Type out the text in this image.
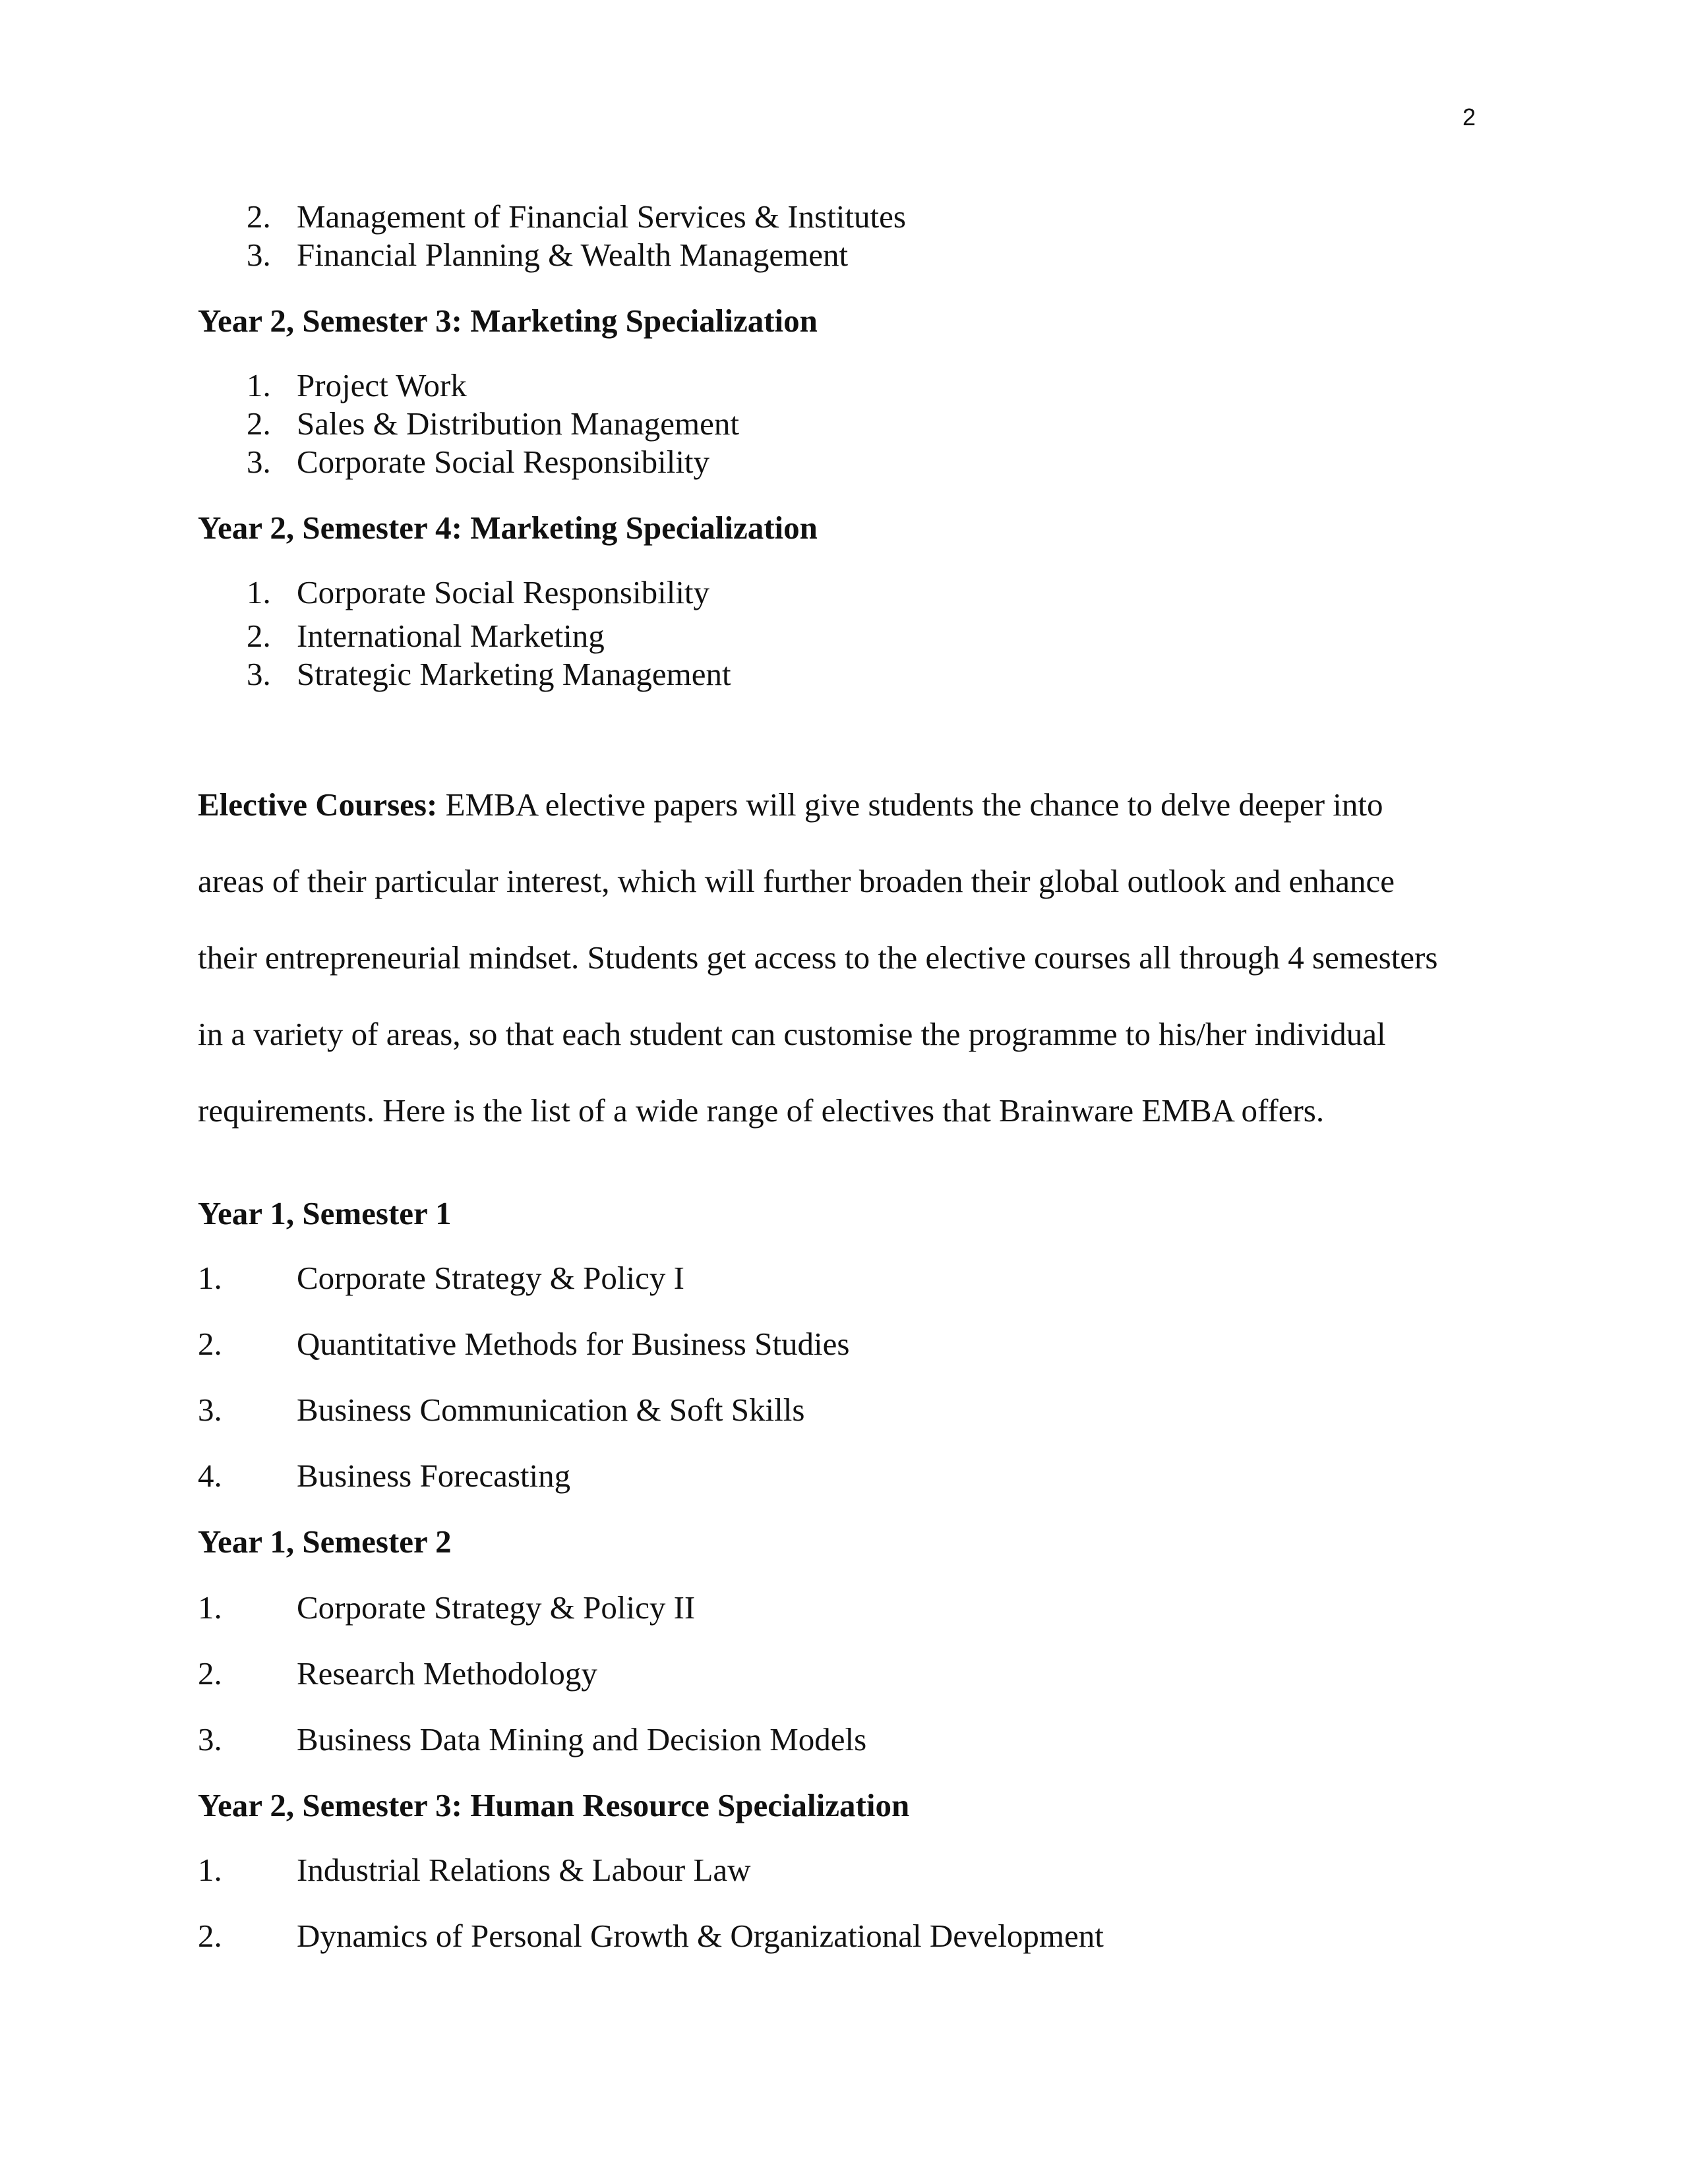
2
2. Management of Financial Services & Institutes
3. Financial Planning & Wealth Management
Year 2, Semester 3: Marketing Specialization
1. Project Work
2. Sales & Distribution Management
3. Corporate Social Responsibility
Year 2, Semester 4: Marketing Specialization
1. Corporate Social Responsibility
2. International Marketing
3. Strategic Marketing Management
Elective Courses: EMBA elective papers will give students the chance to delve deeper into
areas of their particular interest, which will further broaden their global outlook and enhance
their entrepreneurial mindset. Students get access to the elective courses all through 4 semesters
in a variety of areas, so that each student can customise the programme to his/her individual
requirements. Here is the list of a wide range of electives that Brainware EMBA offers.
Year 1, Semester 1
1. Corporate Strategy & Policy I
2. Quantitative Methods for Business Studies
3. Business Communication & Soft Skills
4. Business Forecasting
Year 1, Semester 2
1. Corporate Strategy & Policy II
2. Research Methodology
3. Business Data Mining and Decision Models
Year 2, Semester 3: Human Resource Specialization
1. Industrial Relations & Labour Law
2. Dynamics of Personal Growth & Organizational Development
